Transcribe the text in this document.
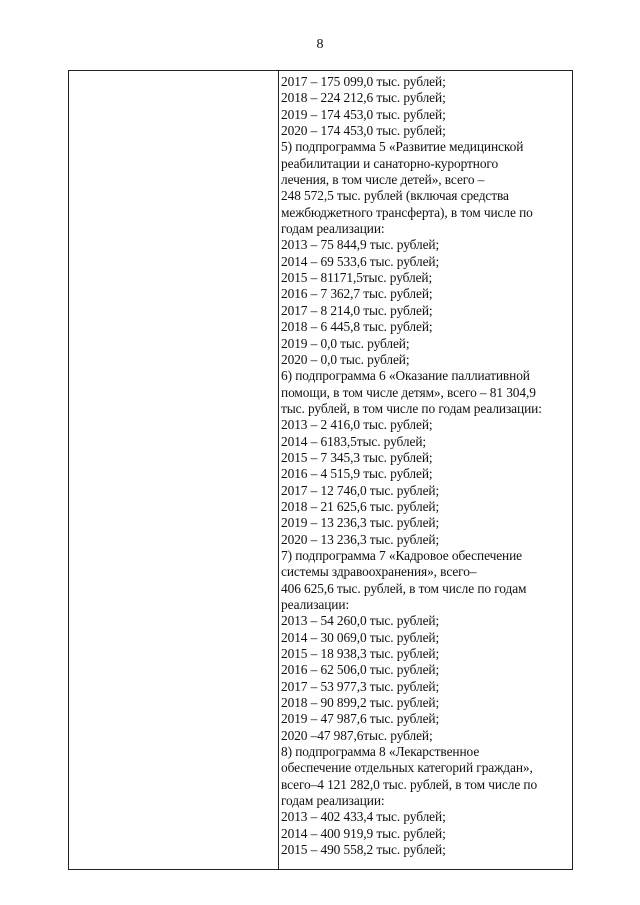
8
2017 – 175 099,0 тыс. рублей;
2018 – 224 212,6 тыс. рублей;
2019 – 174 453,0 тыс. рублей;
2020 – 174 453,0 тыс. рублей;
5) подпрограмма 5 «Развитие медицинской
реабилитации и санаторно-курортного
лечения, в том числе детей», всего –
248 572,5 тыс. рублей (включая средства
межбюджетного трансферта), в том числе по
годам реализации:
2013 – 75 844,9 тыс. рублей;
2014 – 69 533,6 тыс. рублей;
2015 – 81171,5тыс. рублей;
2016 – 7 362,7 тыс. рублей;
2017 – 8 214,0 тыс. рублей;
2018 – 6 445,8 тыс. рублей;
2019 – 0,0 тыс. рублей;
2020 – 0,0 тыс. рублей;
6) подпрограмма 6 «Оказание паллиативной
помощи, в том числе детям», всего – 81 304,9
тыс. рублей, в том числе по годам реализации:
2013 – 2 416,0 тыс. рублей;
2014 – 6183,5тыс. рублей;
2015 – 7 345,3 тыс. рублей;
2016 – 4 515,9 тыс. рублей;
2017 – 12 746,0 тыс. рублей;
2018 – 21 625,6 тыс. рублей;
2019 – 13 236,3 тыс. рублей;
2020 – 13 236,3 тыс. рублей;
7) подпрограмма 7 «Кадровое обеспечение
системы здравоохранения», всего–
406 625,6 тыс. рублей, в том числе по годам
реализации:
2013 – 54 260,0 тыс. рублей;
2014 – 30 069,0 тыс. рублей;
2015 – 18 938,3 тыс. рублей;
2016 – 62 506,0 тыс. рублей;
2017 – 53 977,3 тыс. рублей;
2018 – 90 899,2 тыс. рублей;
2019 – 47 987,6 тыс. рублей;
2020 –47 987,6тыс. рублей;
8) подпрограмма 8 «Лекарственное
обеспечение отдельных категорий граждан»,
всего–4 121 282,0 тыс. рублей, в том числе по
годам реализации:
2013 – 402 433,4 тыс. рублей;
2014 – 400 919,9 тыс. рублей;
2015 – 490 558,2 тыс. рублей;
